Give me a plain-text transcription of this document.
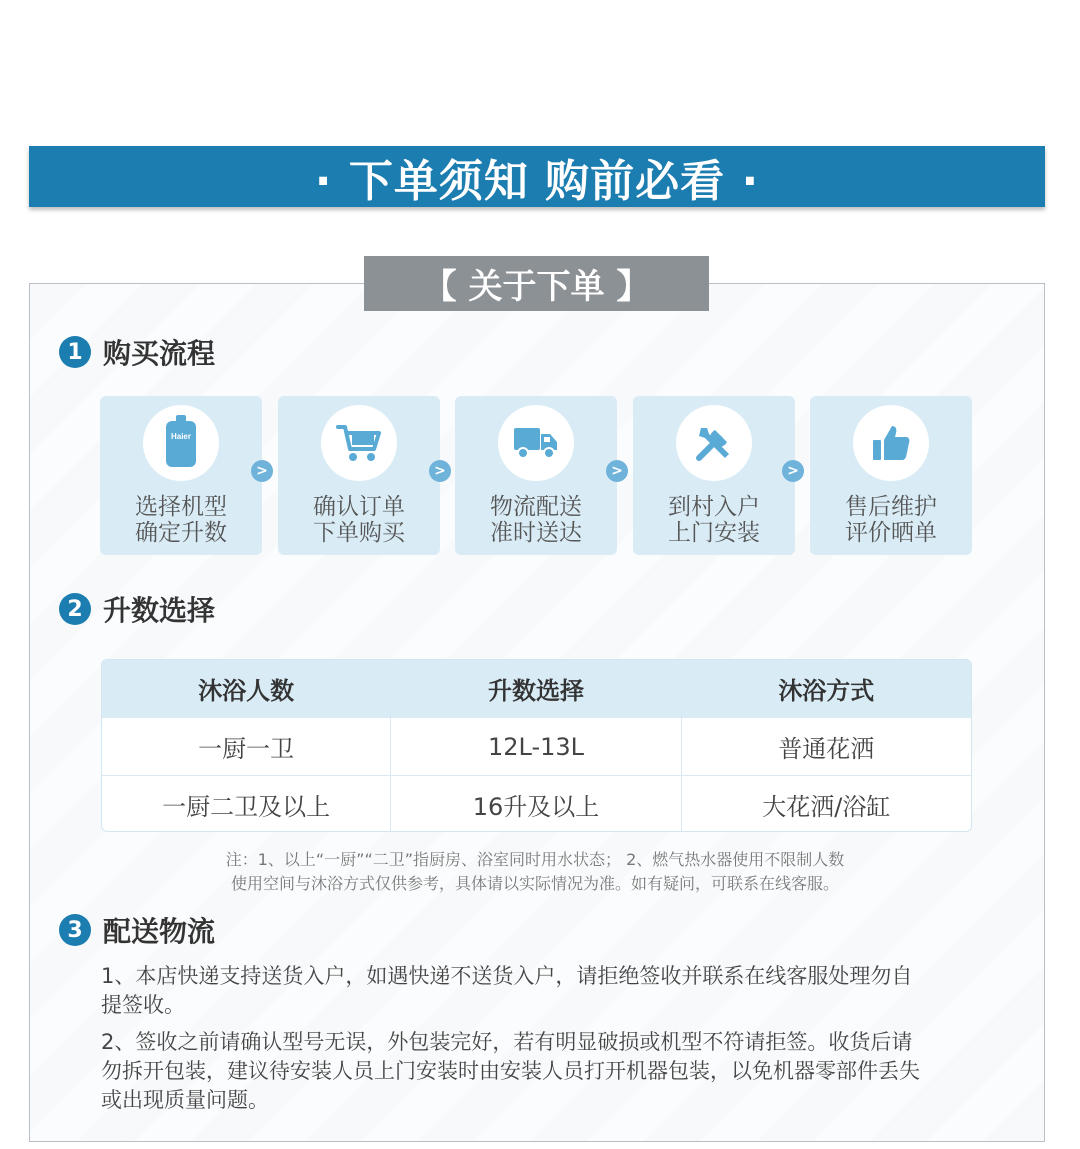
· 下单须知 购前必看 ·
【 关于下单 】
1 购买流程
Haier
选择机型
确定升数
>
确认订单
下单购买
>
物流配送
准时送达
>
到村入户
上门安装
>
售后维护
评价晒单
2 升数选择
沐浴人数	升数选择	沐浴方式
一厨一卫	12L-13L	普通花洒
一厨二卫及以上	16升及以上	大花洒/浴缸
注：1、以上“一厨”“二卫”指厨房、浴室同时用水状态； 2、燃气热水器使用不限制人数
使用空间与沐浴方式仅供参考，具体请以实际情况为准。如有疑问，可联系在线客服。
3 配送物流
1、本店快递支持送货入户，如遇快递不送货入户，请拒绝签收并联系在线客服处理勿自提签收。
2、签收之前请确认型号无误，外包装完好，若有明显破损或机型不符请拒签。收货后请勿拆开包装，建议待安装人员上门安装时由安装人员打开机器包装，以免机器零部件丢失或出现质量问题。
